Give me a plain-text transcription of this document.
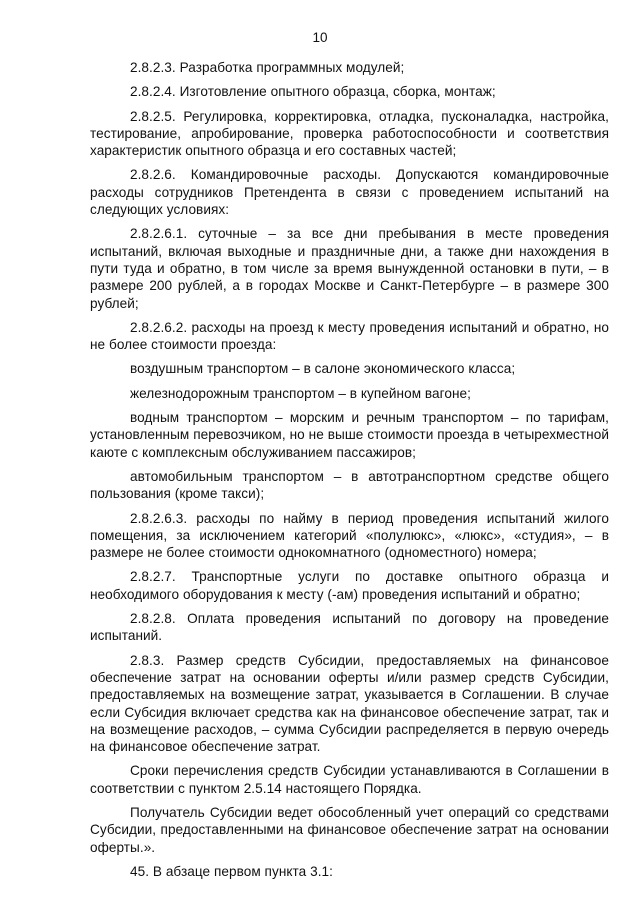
10

2.8.2.3. Разработка программных модулей;

2.8.2.4. Изготовление опытного образца, сборка, монтаж;

2.8.2.5. Регулировка, корректировка, отладка, пусконаладка, настройка, тестирование, апробирование, проверка работоспособности и соответствия характеристик опытного образца и его составных частей;

2.8.2.6. Командировочные расходы. Допускаются командировочные расходы сотрудников Претендента в связи с проведением испытаний на следующих условиях:

2.8.2.6.1. суточные – за все дни пребывания в месте проведения испытаний, включая выходные и праздничные дни, а также дни нахождения в пути туда и обратно, в том числе за время вынужденной остановки в пути, – в размере 200 рублей, а в городах Москве и Санкт-Петербурге – в размере 300 рублей;

2.8.2.6.2. расходы на проезд к месту проведения испытаний и обратно, но не более стоимости проезда:

воздушным транспортом – в салоне экономического класса;

железнодорожным транспортом – в купейном вагоне;

водным транспортом – морским и речным транспортом – по тарифам, установленным перевозчиком, но не выше стоимости проезда в четырехместной каюте с комплексным обслуживанием пассажиров;

автомобильным транспортом – в автотранспортном средстве общего пользования (кроме такси);

2.8.2.6.3. расходы по найму в период проведения испытаний жилого помещения, за исключением категорий «полулюкс», «люкс», «студия», – в размере не более стоимости однокомнатного (одноместного) номера;

2.8.2.7. Транспортные услуги по доставке опытного образца и необходимого оборудования к месту (-ам) проведения испытаний и обратно;

2.8.2.8. Оплата проведения испытаний по договору на проведение испытаний.

2.8.3. Размер средств Субсидии, предоставляемых на финансовое обеспечение затрат на основании оферты и/или размер средств Субсидии, предоставляемых на возмещение затрат, указывается в Соглашении. В случае если Субсидия включает средства как на финансовое обеспечение затрат, так и на возмещение расходов, – сумма Субсидии распределяется в первую очередь на финансовое обеспечение затрат.

Сроки перечисления средств Субсидии устанавливаются в Соглашении в соответствии с пунктом 2.5.14 настоящего Порядка.

Получатель Субсидии ведет обособленный учет операций со средствами Субсидии, предоставленными на финансовое обеспечение затрат на основании оферты.».

45. В абзаце первом пункта 3.1:
